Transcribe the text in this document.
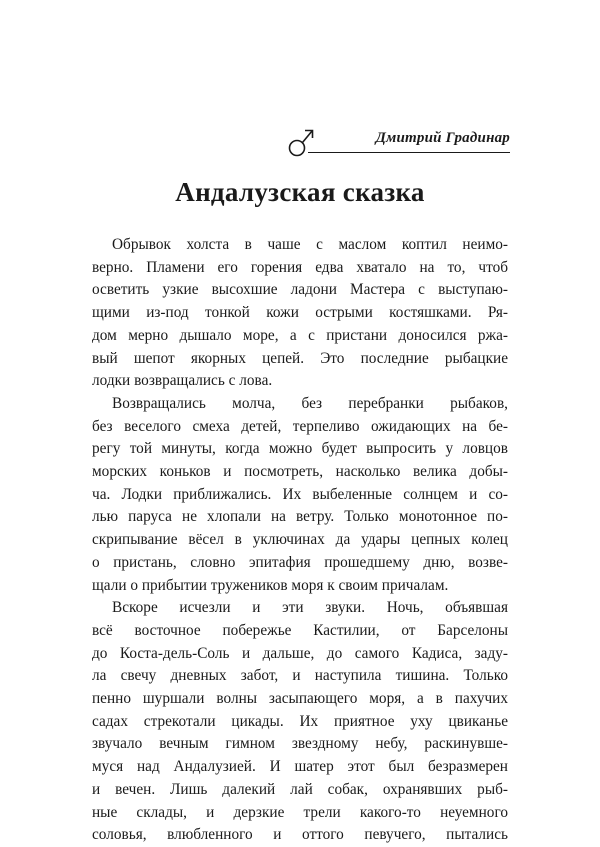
Дмитрий Градинар
Андалузская сказка

Обрывок холста в чаше с маслом коптил неимо-
верно. Пламени его горения едва хватало на то, чтоб
осветить узкие высохшие ладони Мастера с выступаю-
щими из-под тонкой кожи острыми костяшками. Ря-
дом мерно дышало море, а с пристани доносился ржа-
вый шепот якорных цепей. Это последние рыбацкие
лодки возвращались с лова.

Возвращались молча, без перебранки рыбаков,
без веселого смеха детей, терпеливо ожидающих на бе-
регу той минуты, когда можно будет выпросить у ловцов
морских коньков и посмотреть, насколько велика добы-
ча. Лодки приближались. Их выбеленные солнцем и со-
лью паруса не хлопали на ветру. Только монотонное по-
скрипывание вёсел в уключинах да удары цепных колец
о пристань, словно эпитафия прошедшему дню, возве-
щали о прибытии тружеников моря к своим причалам.

Вскоре исчезли и эти звуки. Ночь, объявшая
всё восточное побережье Кастилии, от Барселоны
до Коста-дель-Соль и дальше, до самого Кадиса, заду-
ла свечу дневных забот, и наступила тишина. Только
пенно шуршали волны засыпающего моря, а в пахучих
садах стрекотали цикады. Их приятное уху цвиканье
звучало вечным гимном звездному небу, раскинувше-
муся над Андалузией. И шатер этот был безразмерен
и вечен. Лишь далекий лай собак, охранявших рыб-
ные склады, и дерзкие трели какого-то неуемного
соловья, влюбленного и оттого певучего, пытались
